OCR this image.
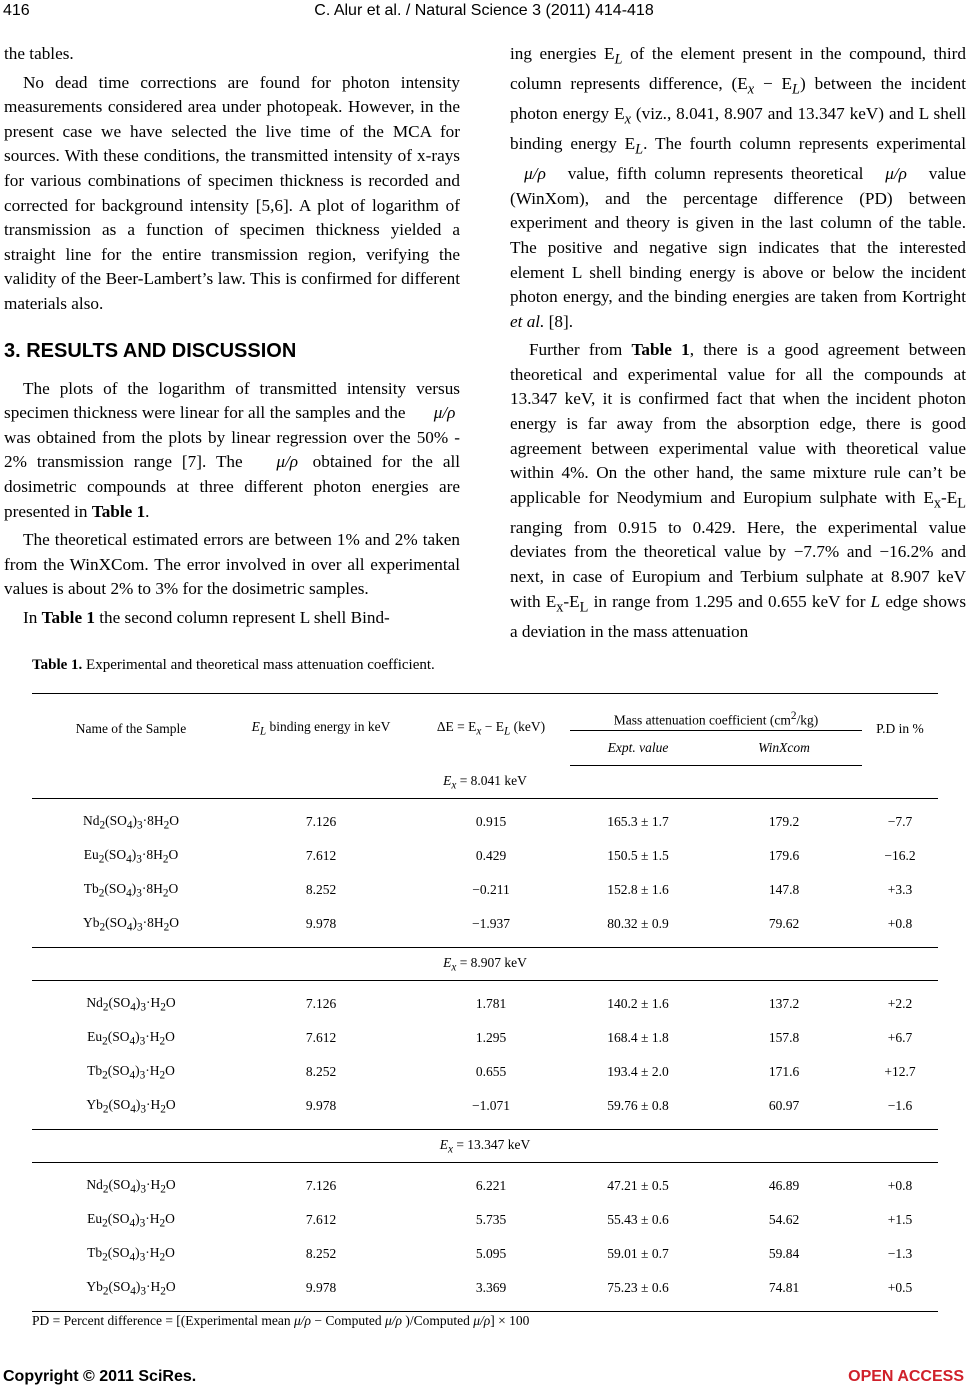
416	C. Alur et al. / Natural Science 3 (2011) 414-418

the tables.

No dead time corrections are found for photon intensity measurements considered area under photopeak. However, in the present case we have selected the live time of the MCA for sources. With these conditions, the transmitted intensity of x-rays for various combinations of specimen thickness is recorded and corrected for background intensity [5,6]. A plot of logarithm of transmission as a function of specimen thickness yielded a straight line for the entire transmission region, verifying the validity of the Beer-Lambert’s law. This is confirmed for different materials also.

3. RESULTS AND DISCUSSION

The plots of the logarithm of transmitted intensity versus specimen thickness were linear for all the samples and the μ/ρ was obtained from the plots by linear regression over the 50% - 2% transmission range [7]. The μ/ρ obtained for the all dosimetric compounds at three different photon energies are presented in Table 1.

The theoretical estimated errors are between 1% and 2% taken from the WinXCom. The error involved in over all experimental values is about 2% to 3% for the dosimetric samples.

In Table 1 the second column represent L shell Bind-

ing energies $E_L$ of the element present in the compound, third column represents difference, $(E_x - E_L)$ between the incident photon energy $E_x$ (viz., 8.041, 8.907 and 13.347 keV) and L shell binding energy $E_L$. The fourth column represents experimental μ/ρ value, fifth column represents theoretical μ/ρ value (WinXom), and the percentage difference (PD) between experiment and theory is given in the last column of the table. The positive and negative sign indicates that the interested element L shell binding energy is above or below the incident photon energy, and the binding energies are taken from Kortright et al. [8].

Further from Table 1, there is a good agreement between theoretical and experimental value for all the compounds at 13.347 keV, it is confirmed fact that when the incident photon energy is far away from the absorption edge, there is good agreement between experimental value with theoretical value within 4%. On the other hand, the same mixture rule can’t be applicable for Neodymium and Europium sulphate with $E_x-E_L$ ranging from 0.915 to 0.429. Here, the experimental value deviates from the theoretical value by −7.7% and −16.2% and next, in case of Europium and Terbium sulphate at 8.907 keV with $E_x-E_L$ in range from 1.295 and 0.655 keV for L edge shows a deviation in the mass attenuation

Table 1. Experimental and theoretical mass attenuation coefficient.
Name of the Sample	$E_L$ binding energy in keV	$\Delta E = E_x - E_L$ (keV)	Mass attenuation coefficient $(cm^2/kg)$		P.D in %
			Expt. value	WinXcom	
$E_x = 8.041$ keV					
$Nd_2(SO_4)_3\cdot 8H_2O$	7.126	0.915	165.3 ± 1.7	179.2	−7.7
$Eu_2(SO_4)_3\cdot 8H_2O$	7.612	0.429	150.5 ± 1.5	179.6	−16.2
$Tb_2(SO_4)_3\cdot 8H_2O$	8.252	−0.211	152.8 ± 1.6	147.8	+3.3
$Yb_2(SO_4)_3\cdot 8H_2O$	9.978	−1.937	80.32 ± 0.9	79.62	+0.8
$E_x = 8.907$ keV					
$Nd_2(SO_4)_3\cdot H_2O$	7.126	1.781	140.2 ± 1.6	137.2	+2.2
$Eu_2(SO_4)_3\cdot H_2O$	7.612	1.295	168.4 ± 1.8	157.8	+6.7
$Tb_2(SO_4)_3\cdot H_2O$	8.252	0.655	193.4 ± 2.0	171.6	+12.7
$Yb_2(SO_4)_3\cdot H_2O$	9.978	−1.071	59.76 ± 0.8	60.97	−1.6
$E_x = 13.347$ keV					
$Nd_2(SO_4)_3\cdot H_2O$	7.126	6.221	47.21 ± 0.5	46.89	+0.8
$Eu_2(SO_4)_3\cdot H_2O$	7.612	5.735	55.43 ± 0.6	54.62	+1.5
$Tb_2(SO_4)_3\cdot H_2O$	8.252	5.095	59.01 ± 0.7	59.84	−1.3
$Yb_2(SO_4)_3\cdot H_2O$	9.978	3.369	75.23 ± 0.6	74.81	+0.5
PD = Percent difference = [(Experimental mean μ/ρ − Computed μ/ρ )/Computed μ/ρ] × 100
Copyright © 2011 SciRes.	OPEN ACCESS
